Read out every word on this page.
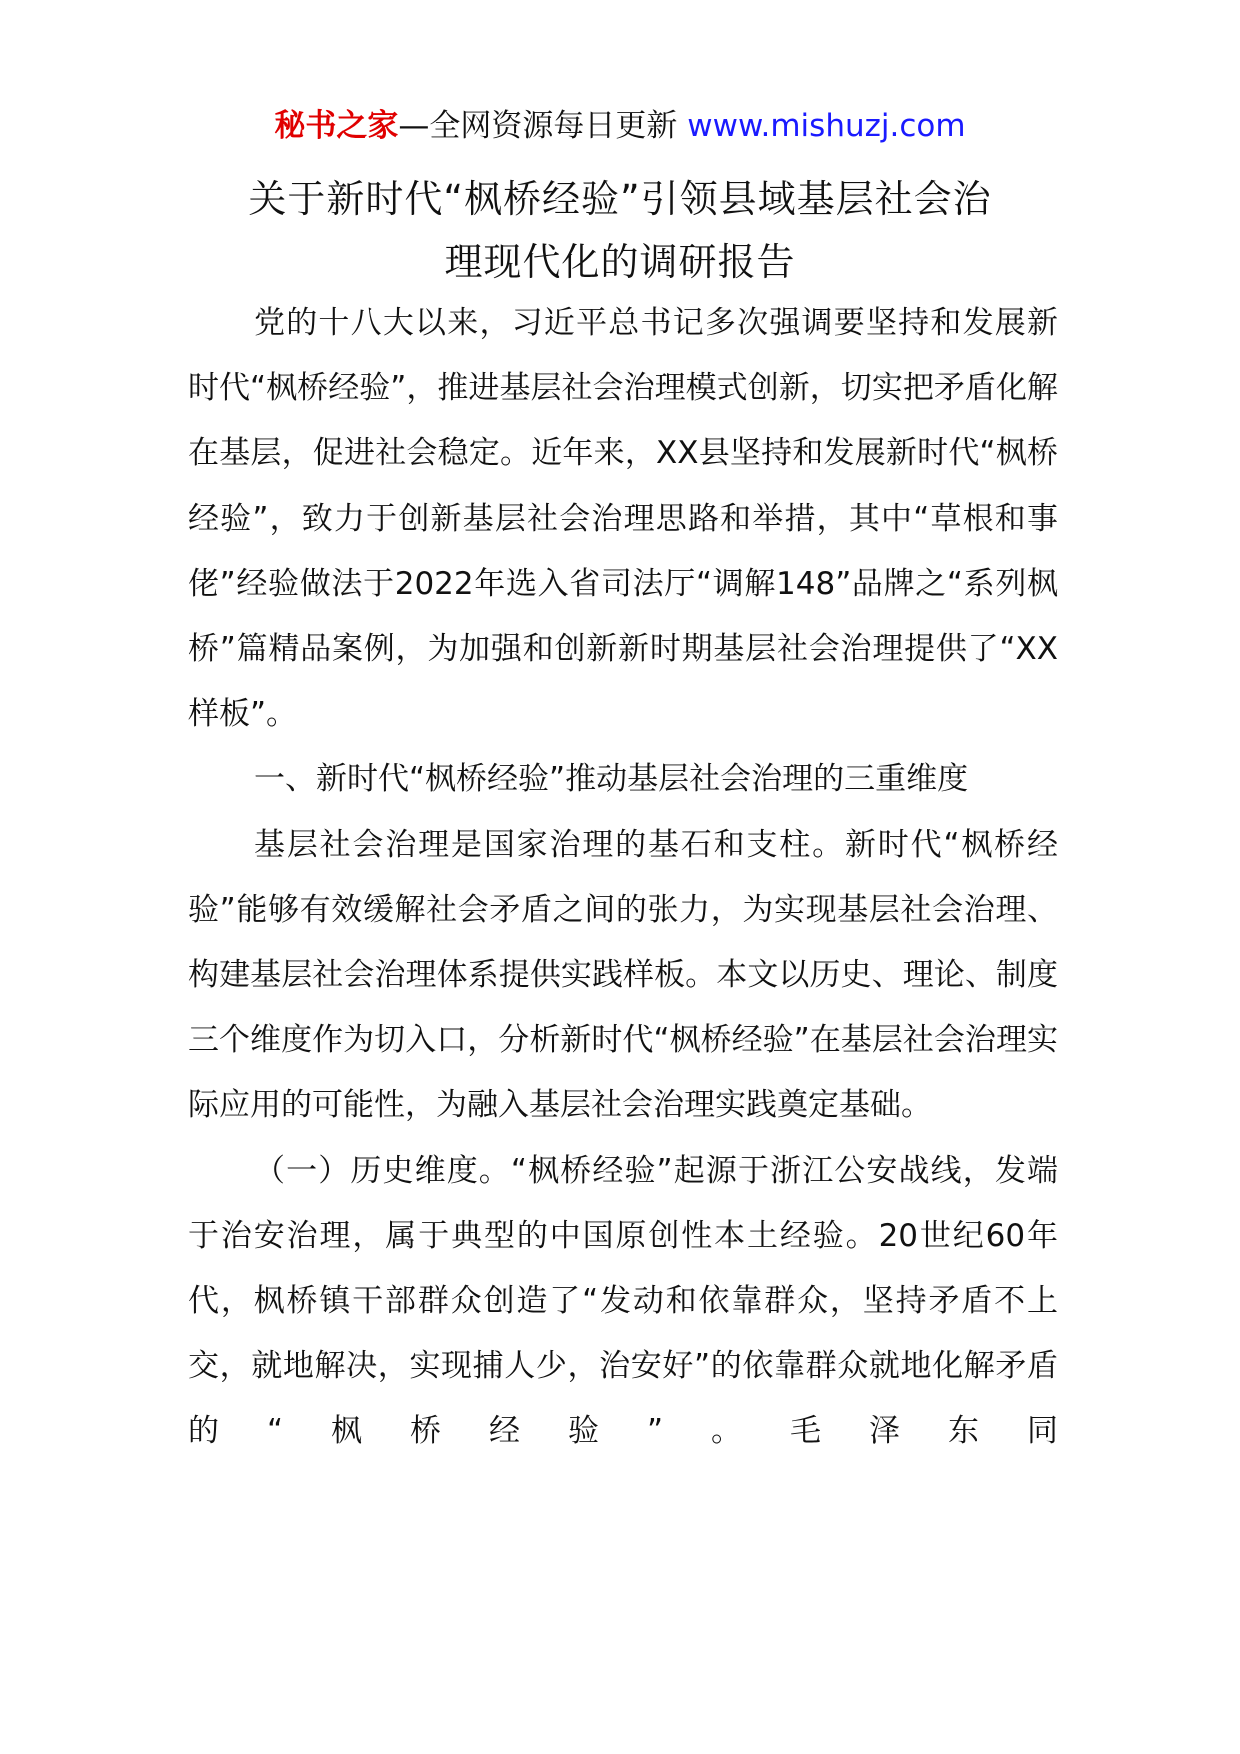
秘书之家—全网资源每日更新 www.mishuzj.com
关于新时代“枫桥经验”引领县域基层社会治
理现代化的调研报告

党的十八大以来，习近平总书记多次强调要坚持和发展新时代“枫桥经验”，推进基层社会治理模式创新，切实把矛盾化解在基层，促进社会稳定。近年来，XX县坚持和发展新时代“枫桥经验”，致力于创新基层社会治理思路和举措，其中“草根和事佬”经验做法于2022年选入省司法厅“调解148”品牌之“系列枫桥”篇精品案例，为加强和创新新时期基层社会治理提供了“XX样板”。

一、新时代“枫桥经验”推动基层社会治理的三重维度

基层社会治理是国家治理的基石和支柱。新时代“枫桥经验”能够有效缓解社会矛盾之间的张力，为实现基层社会治理、构建基层社会治理体系提供实践样板。本文以历史、理论、制度三个维度作为切入口，分析新时代“枫桥经验”在基层社会治理实际应用的可能性，为融入基层社会治理实践奠定基础。

（一）历史维度。“枫桥经验”起源于浙江公安战线，发端于治安治理，属于典型的中国原创性本土经验。20世纪60年代，枫桥镇干部群众创造了“发动和依靠群众，坚持矛盾不上交，就地解决，实现捕人少，治安好”的依靠群众就地化解矛盾的“枫桥经验”。毛泽东同
